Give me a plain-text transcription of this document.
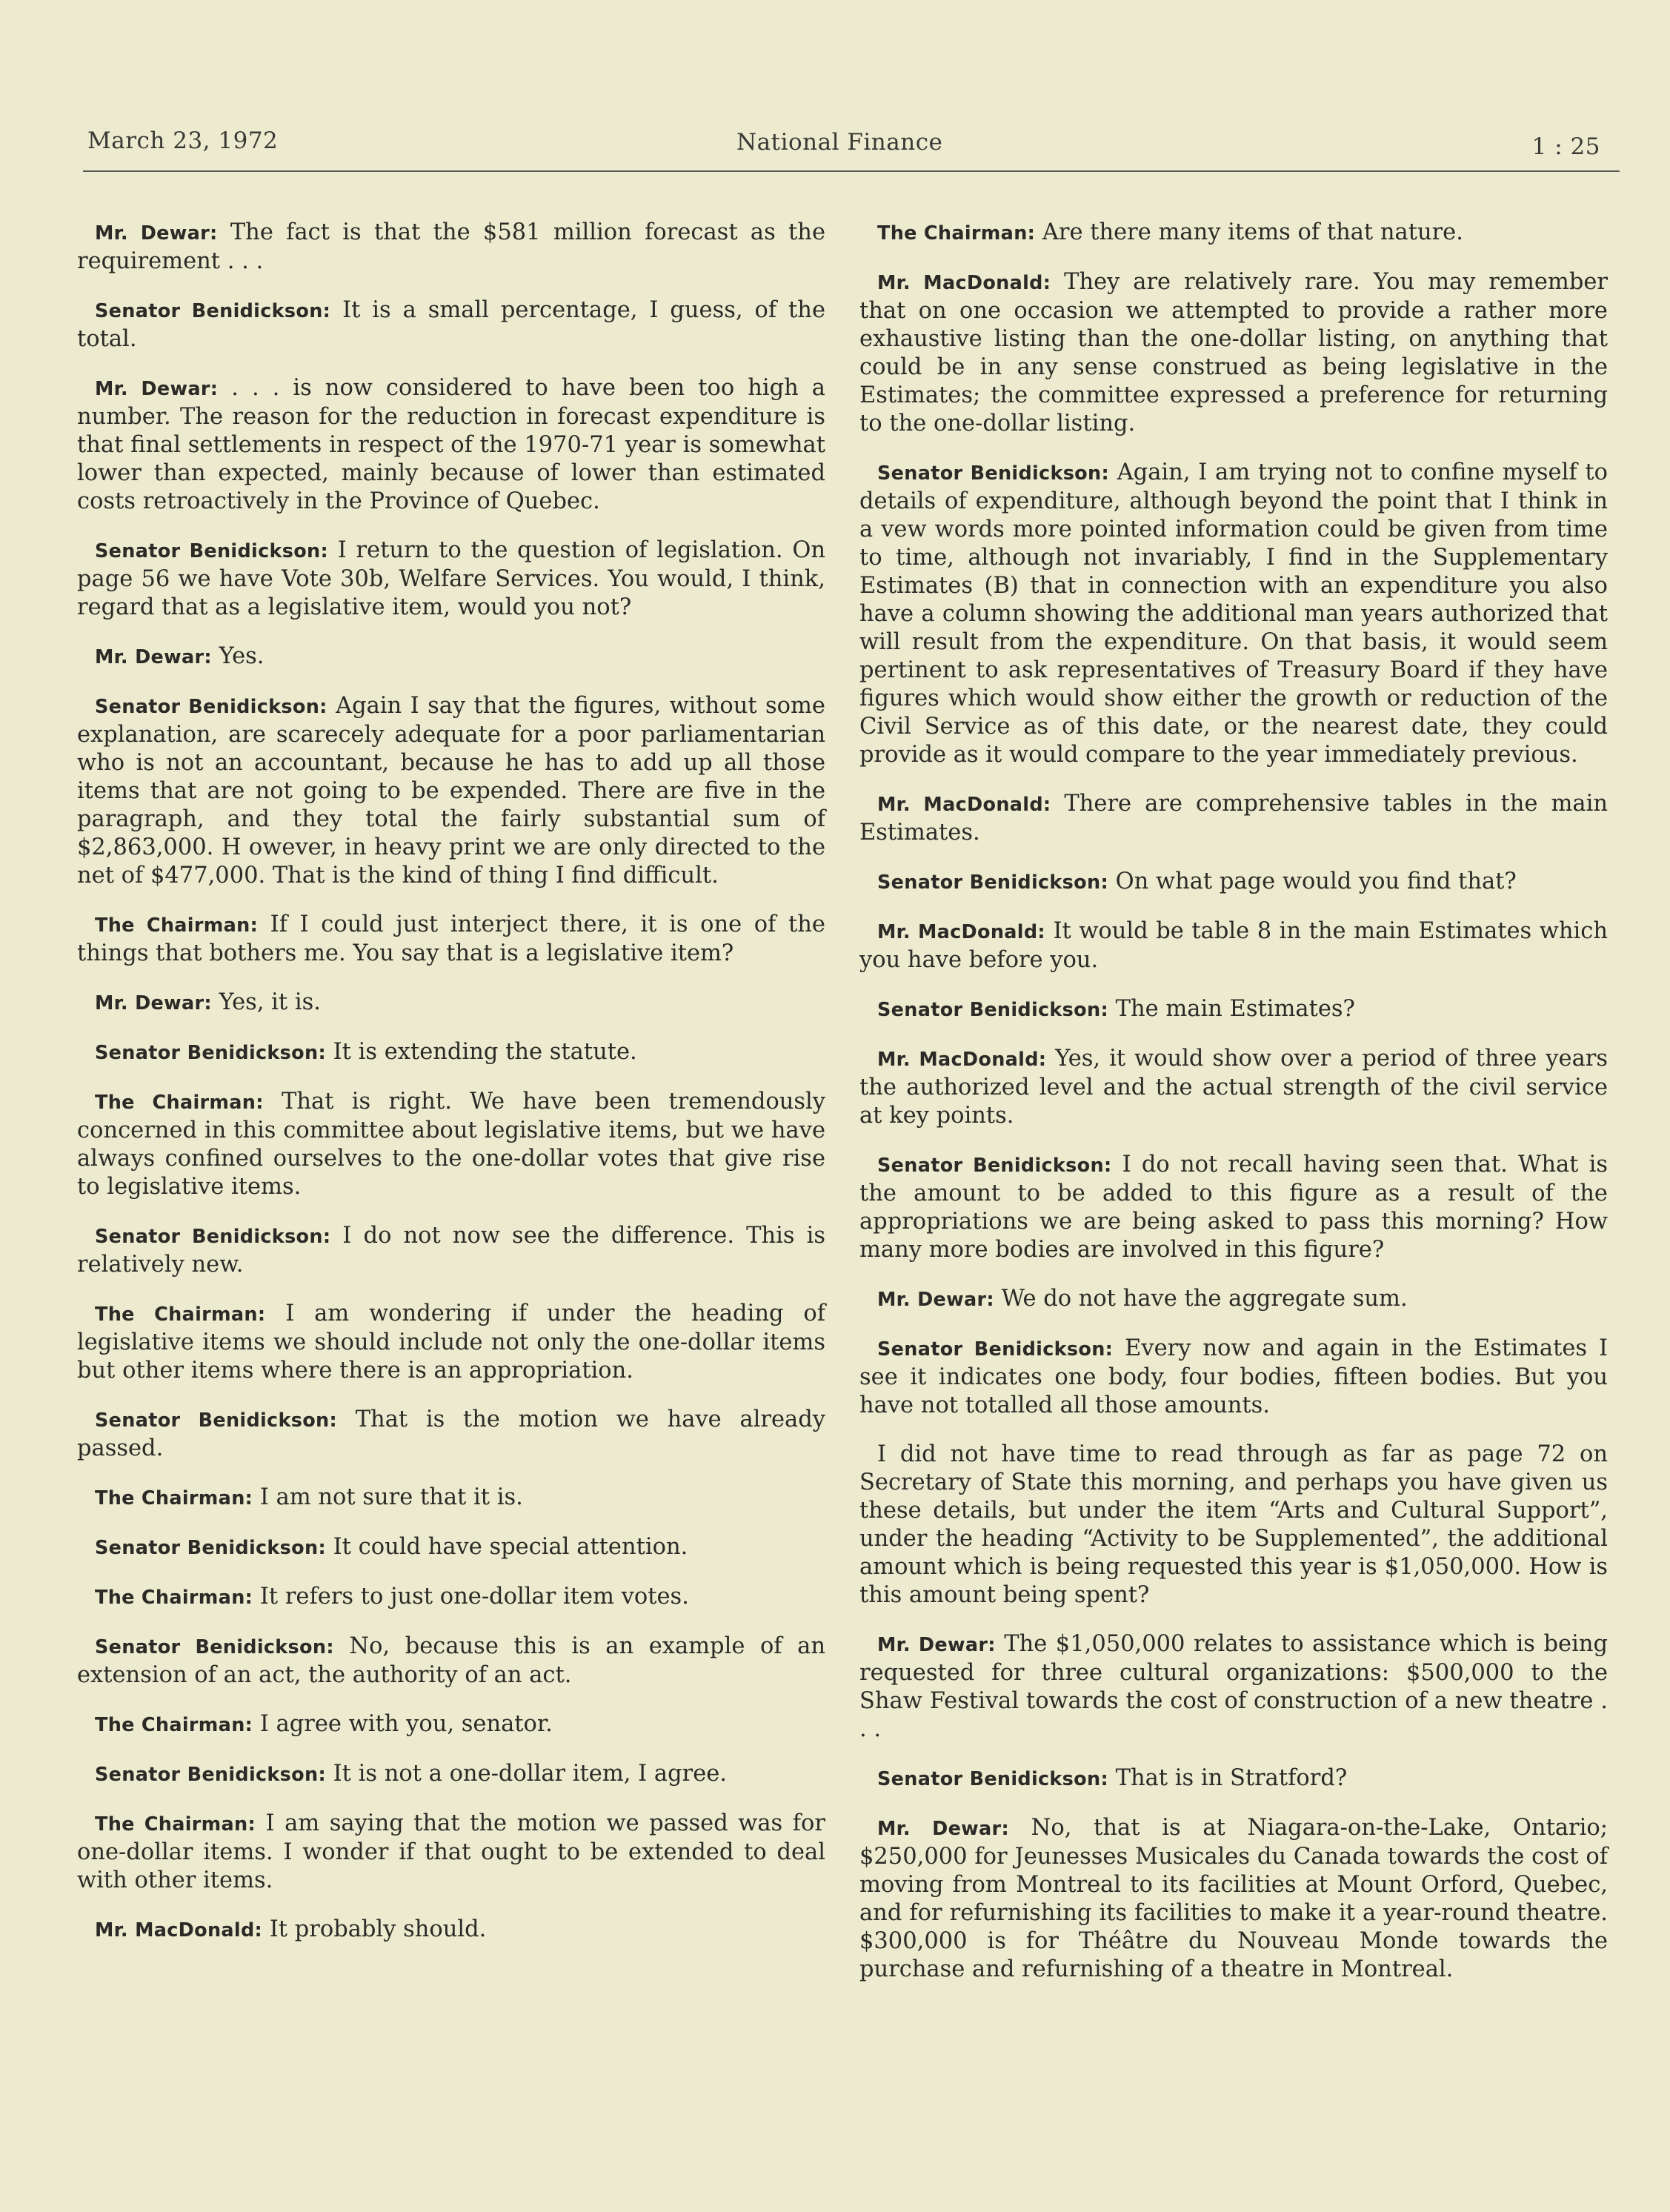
March 23, 1972	National Finance	1 : 25

Mr. Dewar : The fact is that the $581 million forecast as the requirement . . .

Senator Benidickson : It is a small percentage, I guess, of the total.

Mr. Dewar : . . . is now considered to have been too high a number. The reason for the reduction in forecast expenditure is that final settlements in respect of the 1970-71 year is somewhat lower than expected, mainly because of lower than estimated costs retroactively in the Province of Quebec.

Senator Benidickson : I return to the question of legislation. On page 56 we have Vote 30b, Welfare Services. You would, I think, regard that as a legislative item, would you not?

Mr. Dewar : Yes.

Senator Benidickson : Again I say that the figures, without some explanation, are scarecely adequate for a poor parliamentarian who is not an accountant, because he has to add up all those items that are not going to be expended. There are five in the paragraph, and they total the fairly substantial sum of $2,863,000. H owever, in heavy print we are only directed to the net of $477,000. That is the kind of thing I find difficult.

The Chairman : If I could just interject there, it is one of the things that bothers me. You say that is a legislative item?

Mr. Dewar : Yes, it is.

Senator Benidickson : It is extending the statute.

The Chairman : That is right. We have been tremendously concerned in this committee about legislative items, but we have always confined ourselves to the one-dollar votes that give rise to legislative items.

Senator Benidickson : I do not now see the difference. This is relatively new.

The Chairman : I am wondering if under the heading of legislative items we should include not only the one-dollar items but other items where there is an appropriation.

Senator Benidickson : That is the motion we have already passed.

The Chairman : I am not sure that it is.

Senator Benidickson : It could have special attention.

The Chairman : It refers to just one-dollar item votes.

Senator Benidickson : No, because this is an example of an extension of an act, the authority of an act.

The Chairman : I agree with you, senator.

Senator Benidickson : It is not a one-dollar item, I agree.

The Chairman : I am saying that the motion we passed was for one-dollar items. I wonder if that ought to be extended to deal with other items.

Mr. MacDonald : It probably should.

The Chairman : Are there many items of that nature.

Mr. MacDonald : They are relatively rare. You may remember that on one occasion we attempted to provide a rather more exhaustive listing than the one-dollar listing, on anything that could be in any sense construed as being legislative in the Estimates; the committee expressed a preference for returning to the one-dollar listing.

Senator Benidickson : Again, I am trying not to confine myself to details of expenditure, although beyond the point that I think in a vew words more pointed information could be given from time to time, although not invariably, I find in the Supplementary Estimates (B) that in connection with an expenditure you also have a column showing the additional man years authorized that will result from the expenditure. On that basis, it would seem pertinent to ask representatives of Treasury Board if they have figures which would show either the growth or reduction of the Civil Service as of this date, or the nearest date, they could provide as it would compare to the year immediately previous.

Mr. MacDonald : There are comprehensive tables in the main Estimates.

Senator Benidickson : On what page would you find that?

Mr. MacDonald : It would be table 8 in the main Estimates which you have before you.

Senator Benidickson : The main Estimates?

Mr. MacDonald : Yes, it would show over a period of three years the authorized level and the actual strength of the civil service at key points.

Senator Benidickson : I do not recall having seen that. What is the amount to be added to this figure as a result of the appropriations we are being asked to pass this morning? How many more bodies are involved in this figure?

Mr. Dewar : We do not have the aggregate sum.

Senator Benidickson : Every now and again in the Estimates I see it indicates one body, four bodies, fifteen bodies. But you have not totalled all those amounts.

I did not have time to read through as far as page 72 on Secretary of State this morning, and perhaps you have given us these details, but under the item “Arts and Cultural Support”, under the heading “Activity to be Supplemented”, the additional amount which is being requested this year is $1,050,000. How is this amount being spent?

Mr. Dewar : The $1,050,000 relates to assistance which is being requested for three cultural organizations: $500,000 to the Shaw Festival towards the cost of construction of a new theatre . . .

Senator Benidickson : That is in Stratford?

Mr. Dewar : No, that is at Niagara-on-the-Lake, Ontario; $250,000 for Jeunesses Musicales du Canada towards the cost of moving from Montreal to its facilities at Mount Orford, Quebec, and for refurnishing its facilities to make it a year-round theatre. $300,000 is for Théâtre du Nouveau Monde towards the purchase and refurnishing of a theatre in Montreal.
